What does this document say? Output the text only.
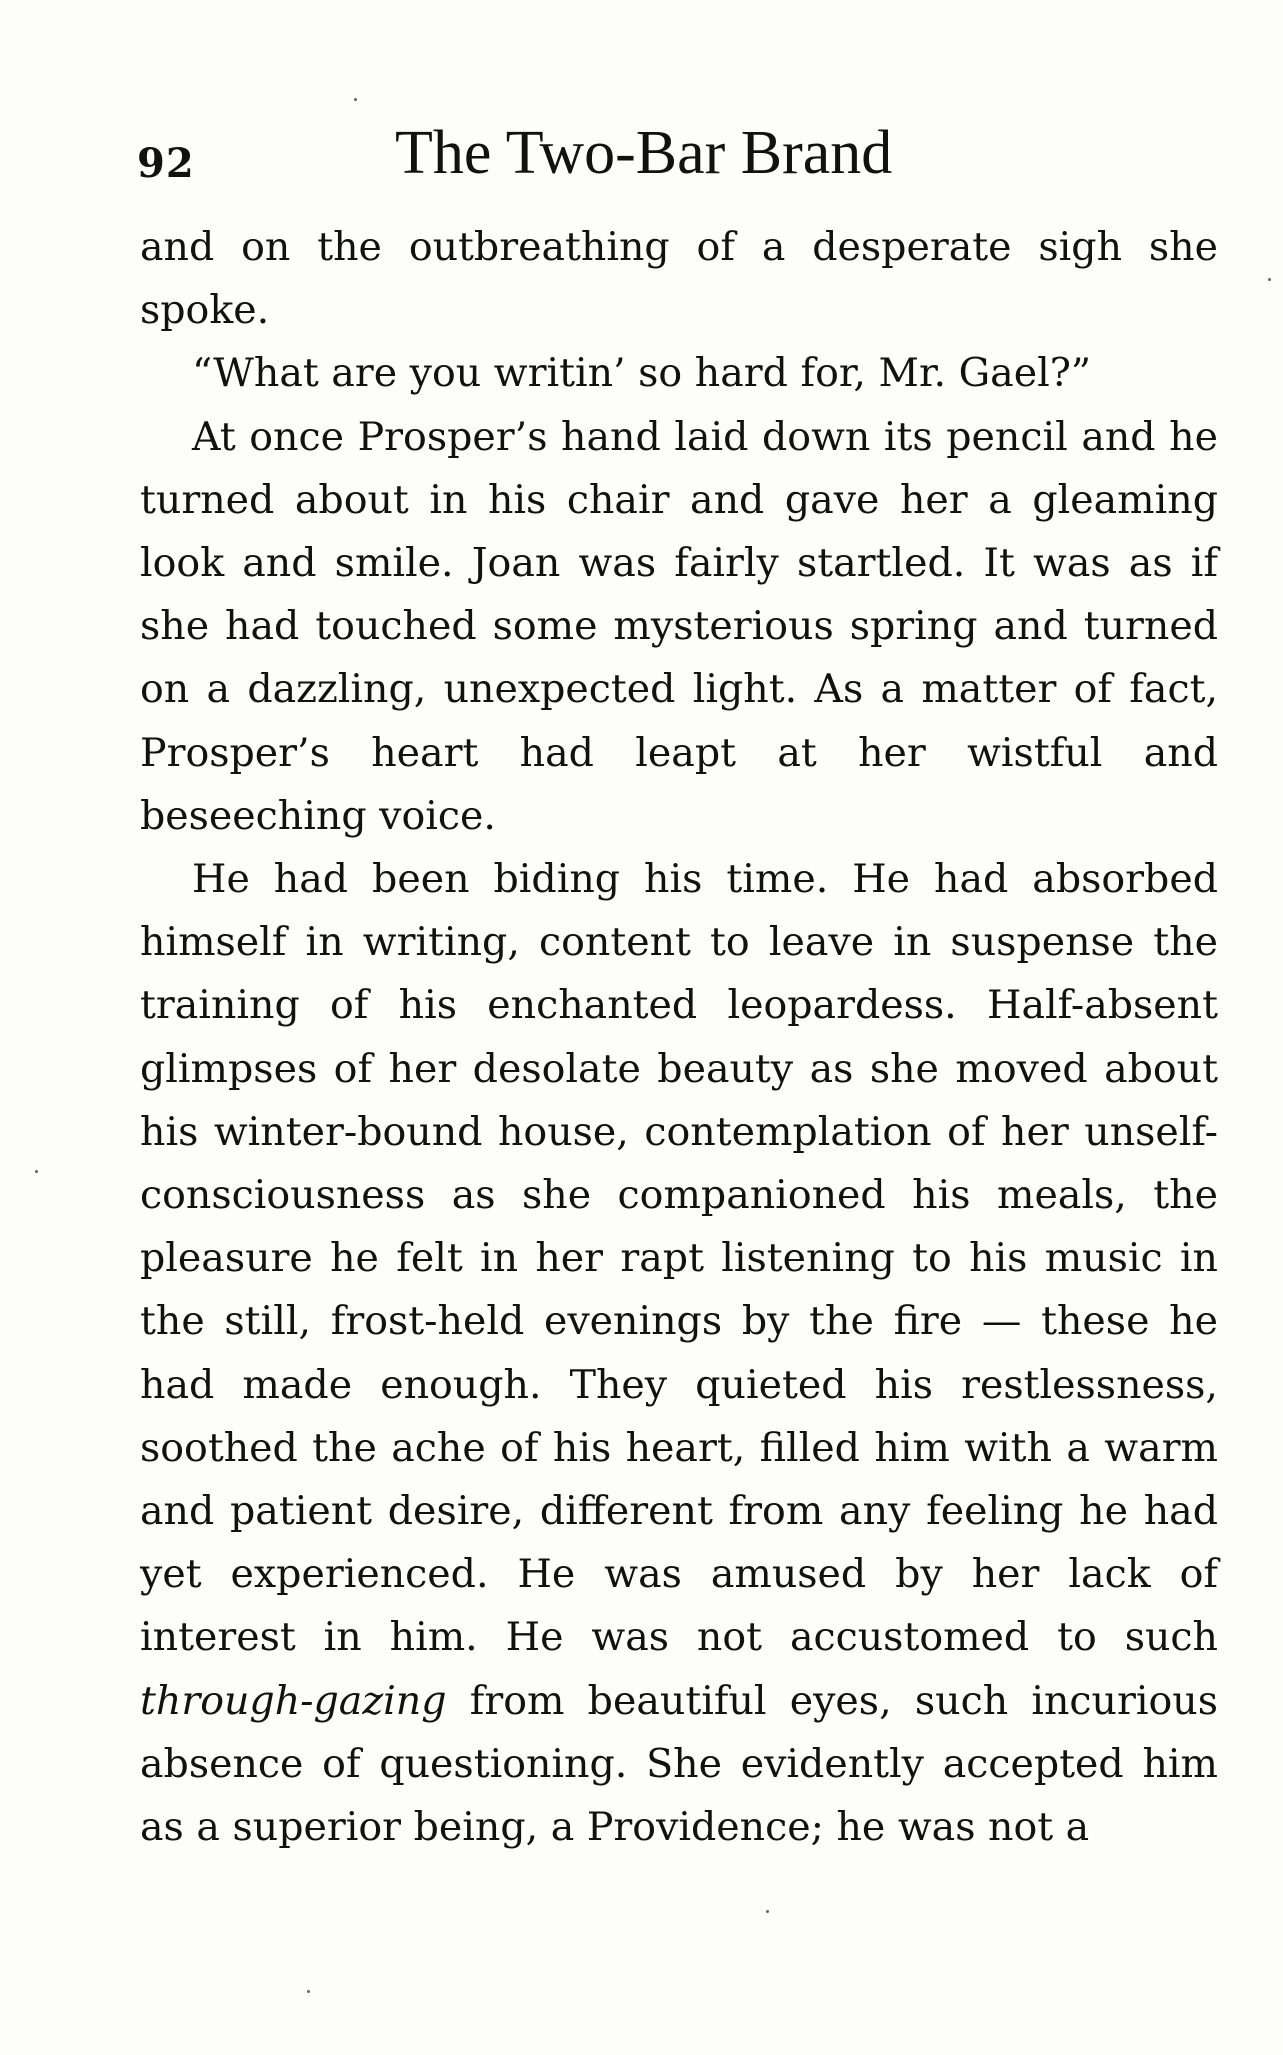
92	The Two-Bar Brand

and on the outbreathing of a desperate sigh she spoke.

“What are you writin’ so hard for, Mr. Gael?”

At once Prosper’s hand laid down its pencil and he turned about in his chair and gave her a gleaming look and smile. Joan was fairly startled. It was as if she had touched some mysterious spring and turned on a dazzling, unexpected light. As a matter of fact, Prosper’s heart had leapt at her wistful and beseeching voice.

He had been biding his time. He had absorbed himself in writing, content to leave in suspense the training of his enchanted leopardess. Half-absent glimpses of her desolate beauty as she moved about his winter-bound house, contemplation of her unself-consciousness as she companioned his meals, the pleasure he felt in her rapt listening to his music in the still, frost-held evenings by the fire — these he had made enough. They quieted his restlessness, soothed the ache of his heart, filled him with a warm and patient desire, different from any feeling he had yet experienced. He was amused by her lack of interest in him. He was not accustomed to such through-gazing from beautiful eyes, such incurious absence of questioning. She evidently accepted him as a superior being, a Providence; he was not a
